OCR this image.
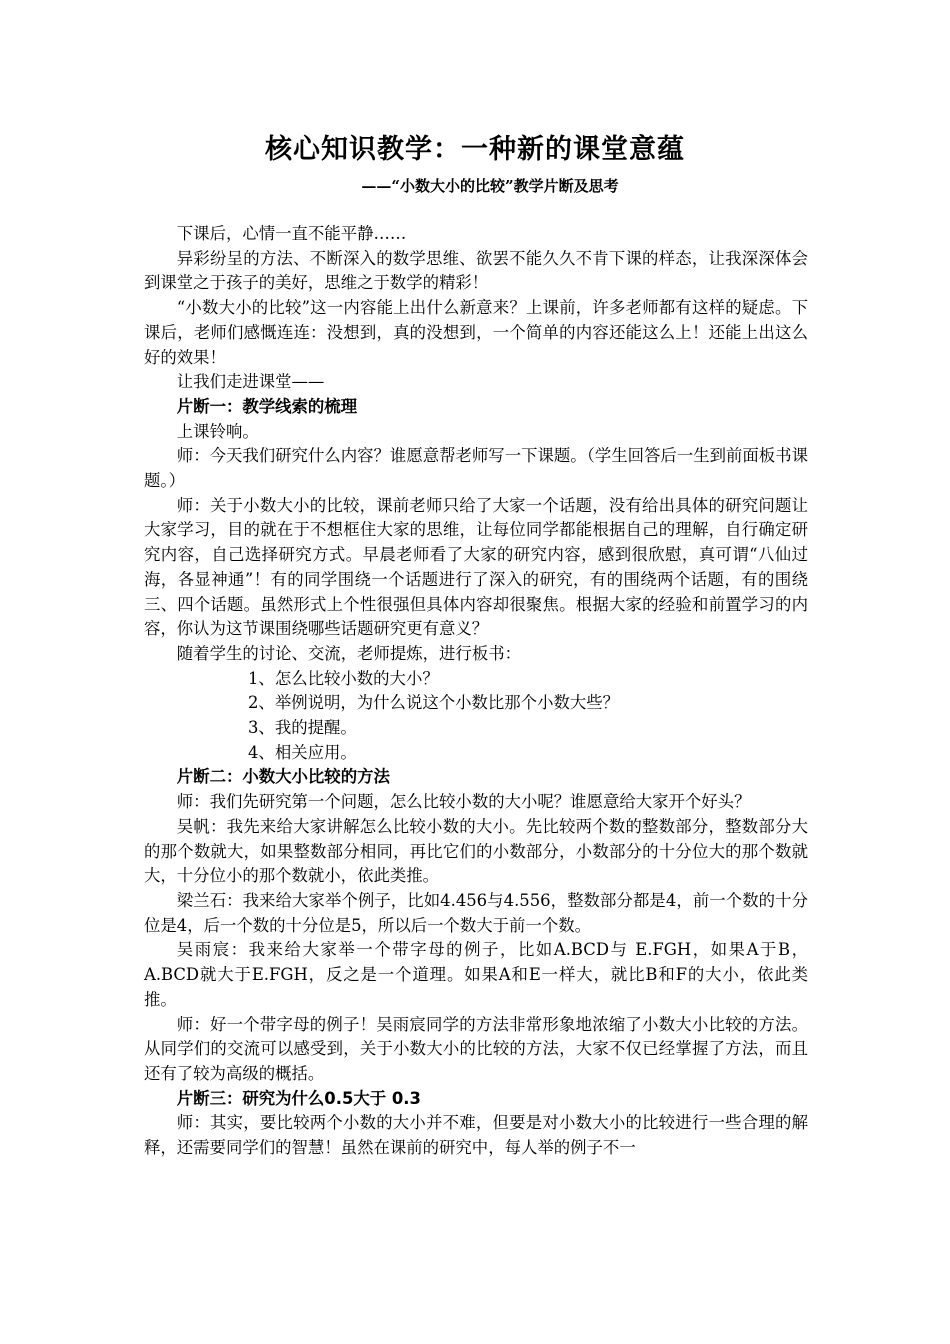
核心知识教学：一种新的课堂意蕴
——“小数大小的比较”教学片断及思考

下课后，心情一直不能平静……

异彩纷呈的方法、不断深入的数学思维、欲罢不能久久不肯下课的样态，让我深深体会到课堂之于孩子的美好，思维之于数学的精彩！

“小数大小的比较”这一内容能上出什么新意来？上课前，许多老师都有这样的疑虑。下课后，老师们感慨连连：没想到，真的没想到，一个简单的内容还能这么上！还能上出这么好的效果！

让我们走进课堂——

片断一：教学线索的梳理

上课铃响。

师：今天我们研究什么内容？谁愿意帮老师写一下课题。（学生回答后一生到前面板书课题。）

师：关于小数大小的比较，课前老师只给了大家一个话题，没有给出具体的研究问题让大家学习，目的就在于不想框住大家的思维，让每位同学都能根据自己的理解，自行确定研究内容，自己选择研究方式。早晨老师看了大家的研究内容，感到很欣慰，真可谓“八仙过海，各显神通”！有的同学围绕一个话题进行了深入的研究，有的围绕两个话题，有的围绕三、四个话题。虽然形式上个性很强但具体内容却很聚焦。根据大家的经验和前置学习的内容，你认为这节课围绕哪些话题研究更有意义？

随着学生的讨论、交流，老师提炼，进行板书：

1、怎么比较小数的大小？

2、举例说明，为什么说这个小数比那个小数大些？

3、我的提醒。

4、相关应用。

片断二：小数大小比较的方法

师：我们先研究第一个问题，怎么比较小数的大小呢？谁愿意给大家开个好头？

吴帆：我先来给大家讲解怎么比较小数的大小。先比较两个数的整数部分，整数部分大的那个数就大，如果整数部分相同，再比它们的小数部分，小数部分的十分位大的那个数就大，十分位小的那个数就小，依此类推。

梁兰石：我来给大家举个例子，比如4.456与4.556，整数部分都是4，前一个数的十分位是4，后一个数的十分位是5，所以后一个数大于前一个数。

吴雨宸：我来给大家举一个带字母的例子，比如A.BCD与 E.FGH，如果A于B，A.BCD就大于E.FGH，反之是一个道理。如果A和E一样大，就比B和F的大小，依此类推。

师：好一个带字母的例子！吴雨宸同学的方法非常形象地浓缩了小数大小比较的方法。从同学们的交流可以感受到，关于小数大小的比较的方法，大家不仅已经掌握了方法，而且还有了较为高级的概括。

片断三：研究为什么0.5大于 0.3

师：其实，要比较两个小数的大小并不难，但要是对小数大小的比较进行一些合理的解释，还需要同学们的智慧！虽然在课前的研究中，每人举的例子不一
